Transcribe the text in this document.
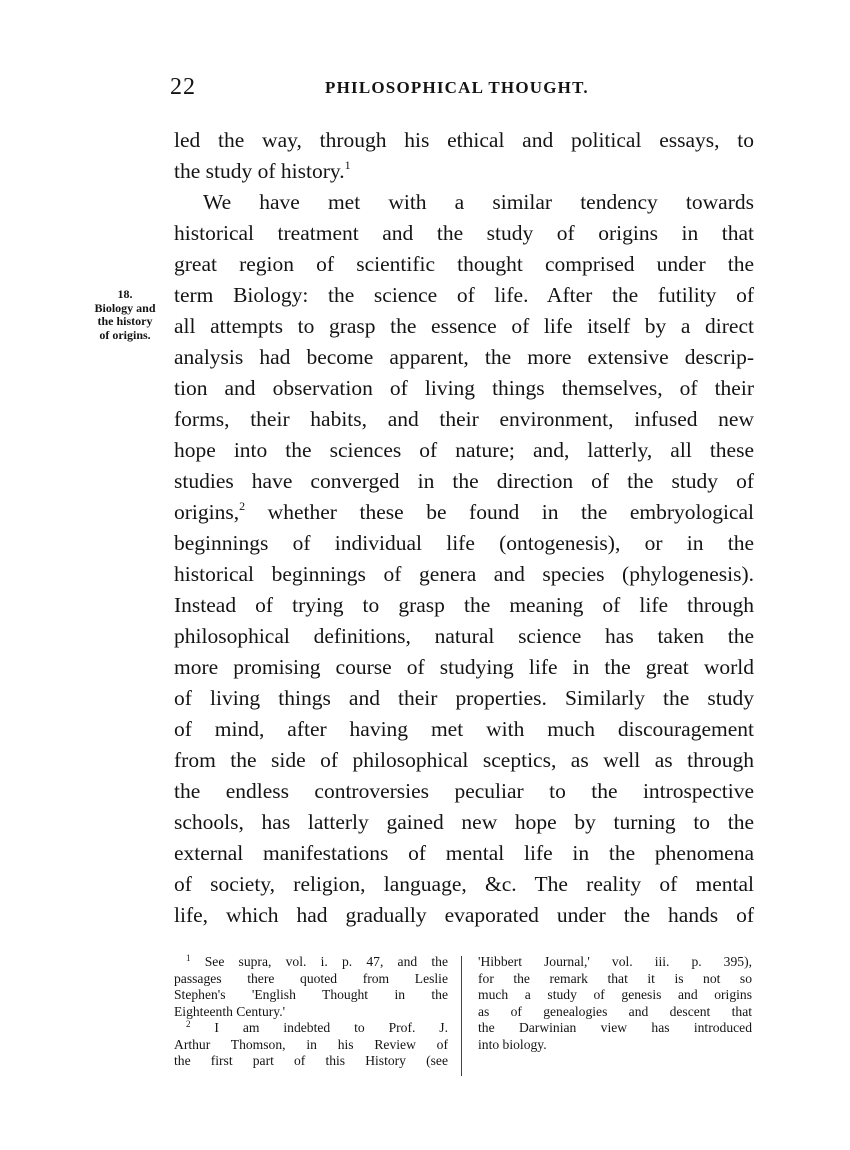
22	PHILOSOPHICAL THOUGHT.
18.
Biology and
the history
of origins.
led the way, through his ethical and political essays, to
the study of history.$^1$
We have met with a similar tendency towards
historical treatment and the study of origins in that
great region of scientific thought comprised under the
term Biology: the science of life. After the futility of
all attempts to grasp the essence of life itself by a direct
analysis had become apparent, the more extensive descrip-
tion and observation of living things themselves, of their
forms, their habits, and their environment, infused new
hope into the sciences of nature; and, latterly, all these
studies have converged in the direction of the study of
origins,$^2$ whether these be found in the embryological
beginnings of individual life (ontogenesis), or in the
historical beginnings of genera and species (phylogenesis).
Instead of trying to grasp the meaning of life through
philosophical definitions, natural science has taken the
more promising course of studying life in the great world
of living things and their properties. Similarly the study
of mind, after having met with much discouragement
from the side of philosophical sceptics, as well as through
the endless controversies peculiar to the introspective
schools, has latterly gained new hope by turning to the
external manifestations of mental life in the phenomena
of society, religion, language, &c. The reality of mental
life, which had gradually evaporated under the hands of
$^1$ See supra, vol. i. p. 47, and the
passages there quoted from Leslie
Stephen's 'English Thought in the
Eighteenth Century.'
$^2$ I am indebted to Prof. J.
Arthur Thomson, in his Review of
the first part of this History (see
'Hibbert Journal,' vol. iii. p. 395),
for the remark that it is not so
much a study of genesis and origins
as of genealogies and descent that
the Darwinian view has introduced
into biology.
